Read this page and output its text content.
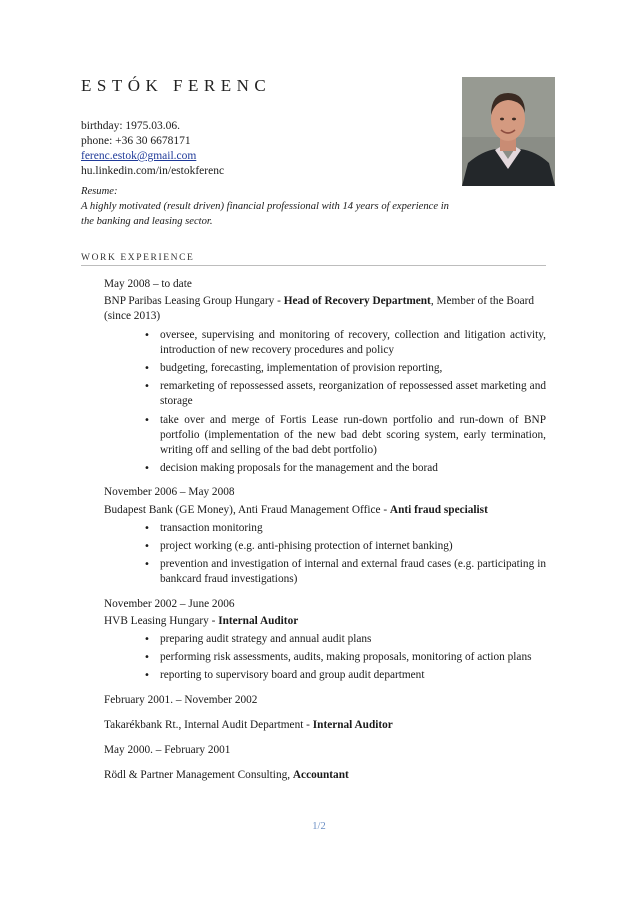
ESTÓK FERENC
birthday: 1975.03.06.
phone: +36 30 6678171
ferenc.estok@gmail.com
hu.linkedin.com/in/estokferenc
Resume:
A highly motivated (result driven) financial professional with 14 years of experience in the banking and leasing sector.
WORK EXPERIENCE

May 2008 – to date

BNP Paribas Leasing Group Hungary - Head of Recovery Department, Member of the Board (since 2013)

• oversee, supervising and monitoring of recovery, collection and litigation activity, introduction of new recovery procedures and policy
• budgeting, forecasting, implementation of provision reporting,
• remarketing of repossessed assets, reorganization of repossessed asset marketing and storage
• take over and merge of Fortis Lease run-down portfolio and run-down of BNP portfolio (implementation of the new bad debt scoring system, early termination, writing off and selling of the bad debt portfolio)
• decision making proposals for the management and the borad

November 2006 – May 2008

Budapest Bank (GE Money), Anti Fraud Management Office - Anti fraud specialist

• transaction monitoring
• project working (e.g. anti-phising protection of internet banking)
• prevention and investigation of internal and external fraud cases (e.g. participating in bankcard fraud investigations)

November 2002 – June 2006

HVB Leasing Hungary - Internal Auditor

• preparing audit strategy and annual audit plans
• performing risk assessments, audits, making proposals, monitoring of action plans
• reporting to supervisory board and group audit department

February 2001. – November 2002

Takarékbank Rt., Internal Audit Department - Internal Auditor

May 2000. – February 2001

Rödl & Partner Management Consulting, Accountant

1/2
